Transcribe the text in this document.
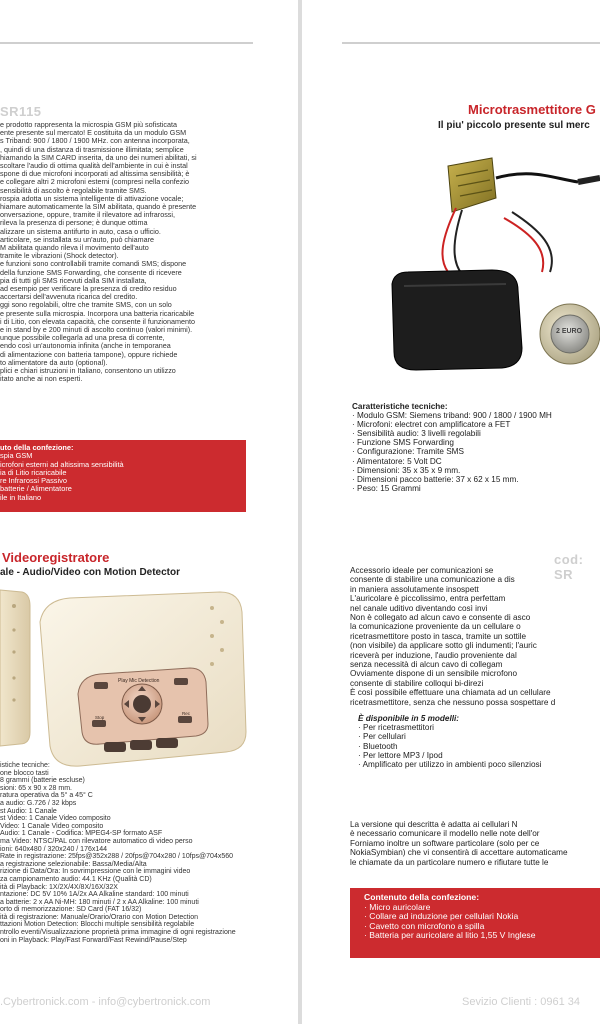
SR115
e prodotto rappresenta la microspia GSM più sofisticata
ente presente sul mercato! E costituita da un modulo GSM
s Triband: 900 / 1800 / 1900 MHz. con antenna incorporata,
, quindi di una distanza di trasmissione illimitata; semplice
hiamando la SIM CARD inserita, da uno dei numeri abilitati, si
scoltare l'audio di ottima qualità dell'ambiente in cui è instal
spone di due microfoni incorporati ad altissima sensibilità; è
e collegare altri 2 microfoni esterni (compresi nella confezio
sensibilità di ascolto è regolabile tramite SMS.
rospia adotta un sistema intelligente di attivazione vocale;
hiamare automaticamente la SIM abilitata, quando è presente
onversazione, oppure, tramite il rilevatore ad infrarossi,
rileva la presenza di persone; è dunque ottima
alizzare un sistema antifurto in auto, casa o ufficio.
articolare, se installata su un'auto, può chiamare
M abilitata quando rileva il movimento dell'auto
tramite le vibrazioni (Shock detector).
e funzioni sono controllabili tramite comandi SMS; dispone
della funzione SMS Forwarding, che consente di ricevere
pia di tutti gli SMS ricevuti dalla SIM installata,
ad esempio per verificare la presenza di credito residuo
accertarsi dell'avvenuta ricarica del credito.
ggi sono regolabili, oltre che tramite SMS, con un solo
e presente sulla microspia. Incorpora una batteria ricaricabile
i di Litio, con elevata capacità, che consente il funzionamento
e in stand by e 200 minuti di ascolto continuo (valori minimi).
unque possibile collegarla ad una presa di corrente,
endo così un'autonomia infinita (anche in temporanea
di alimentazione con batteria tampone), oppure richiede
to alimentatore da auto (optional).
plici e chiari istruzioni in Italiano, consentono un utilizzo
itato anche ai non esperti.
uto della confezione:
spia GSM
icrofoni esterni ad altissima sensibilità
ia di Litio ricaricabile
re Infrarossi Passivo
batterie / Alimentatore
ile in Italiano
Videoregistratore
ale - Audio/Video con Motion Detector
Play Mic Detection
Stop
Rec
istiche tecniche:
one blocco tasti
8 grammi (batterie escluse)
sioni: 65 x 90 x 28 mm.
ratura operativa da 5° a 45° C
a audio: G.726 / 32 kbps
st Audio: 1 Canale
st Video: 1 Canale Video composito
Video: 1 Canale Video composito
Audio: 1 Canale - Codifica: MPEG4-SP formato ASF
ma Video: NTSC/PAL con rilevatore automatico di video perso
ioni: 640x480 / 320x240 / 176x144
Rate in registrazione: 25fps@352x288 / 20fps@704x280 / 10fps@704x560
a registrazione selezionabile: Bassa/Media/Alta
rizione di Data/Ora: In sovrimpressione con le immagini video
za campionamento audio: 44.1 KHz (Qualità CD)
ità di Playback: 1X/2X/4X/8X/16X/32X
ntazione: DC 5V 10% 1A/2x AA Alkaline standard: 100 minuti
a batterie: 2 x AA Ni-MH: 180 minuti / 2 x AA Alkaline: 100 minuti
orto di memorizzazione: SD Card (FAT 16/32)
ità di registrazione: Manuale/Orario/Orario con Motion Detection
ttazioni Motion Detection: Blocchi multiple sensibilità regolabile
ntrollo eventi/Visualizzazione proprietà prima immagine di ogni registrazione
oni in Playback: Play/Fast Forward/Fast Rewind/Pause/Step
.Cybertronick.com - info@cybertronick.com
Microtrasmettitore G
Il piu' piccolo presente sul merc
2 EURO
Caratteristiche tecniche:
· Modulo GSM: Siemens triband: 900 / 1800 / 1900 MH
· Microfoni: electret con amplificatore a FET
· Sensibilità audio: 3 livelli regolabili
· Funzione SMS Forwarding
· Configurazione: Tramite SMS
· Alimentatore: 5 Volt DC
· Dimensioni: 35 x 35 x 9 mm.
· Dimensioni pacco batterie: 37 x 62 x 15 mm.
· Peso: 15 Grammi
cod: SR
Accessorio ideale per comunicazioni se
consente di stabilire una comunicazione a dis
in maniera assolutamente insospett
L'auricolare è piccolissimo, entra perfettam
nel canale uditivo diventando così invi
Non è collegato ad alcun cavo e consente di asco
la comunicazione proveniente da un cellulare o
ricetrasmettitore posto in tasca, tramite un sottile
(non visibile) da applicare sotto gli indumenti; l'auric
riceverà per induzione, l'audio proveniente dal
senza necessità di alcun cavo di collegam
Ovviamente dispone di un sensibile microfono
consente di stabilire colloqui bi-direzi
È così possibile effettuare una chiamata ad un cellulare
ricetrasmettitore, senza che nessuno possa sospettare d
È disponibile in 5 modelli:
· Per ricetrasmettitori
· Per cellulari
· Bluetooth
· Per lettore MP3 / Ipod
· Amplificato per utilizzo in ambienti poco silenziosi
La versione qui descritta è adatta ai cellulari N
è necessario comunicare il modello nelle note dell'or
Forniamo inoltre un software particolare (solo per ce
NokiaSymbian) che vi consentirà di accettare automaticame
le chiamate da un particolare numero e rifiutare tutte le
Contenuto della confezione:
· Micro auricolare
· Collare ad induzione per cellulari Nokia
· Cavetto con microfono a spilla
· Batteria per auricolare al litio 1,55 V Inglese
Sevizio Clienti : 0961 34
